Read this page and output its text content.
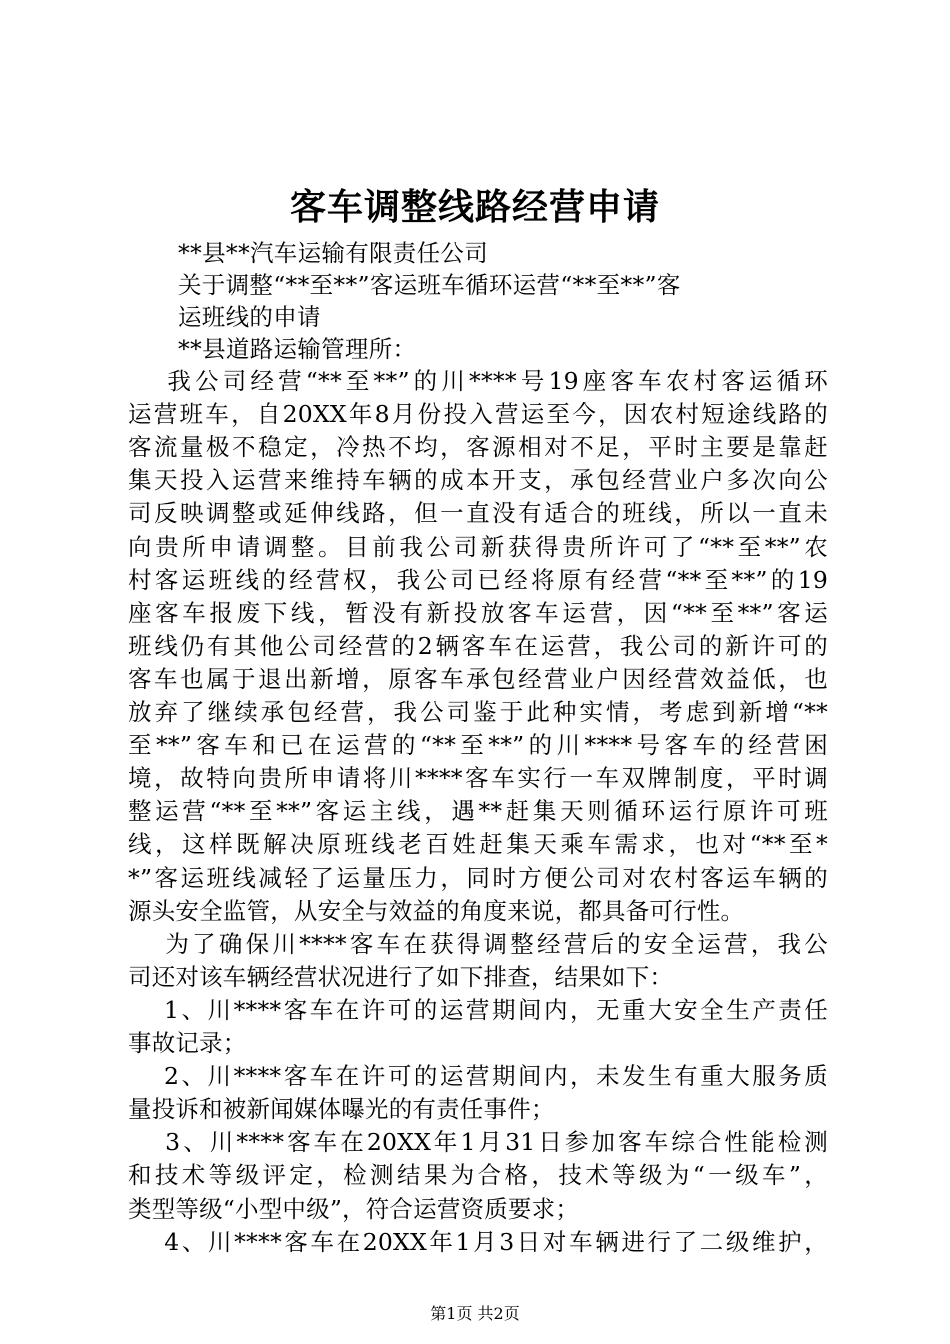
客车调整线路经营申请
**县**汽车运输有限责任公司
关于调整“**至**”客运班车循环运营“**至**”客
运班线的申请
**县道路运输管理所：
　 我公司经营“**至**”的川****号19座客车农村客运循环
运营班车，自20XX年8月份投入营运至今，因农村短途线路的
客流量极不稳定，冷热不均，客源相对不足，平时主要是靠赶
集天投入运营来维持车辆的成本开支，承包经营业户多次向公
司反映调整或延伸线路，但一直没有适合的班线，所以一直未
向贵所申请调整。目前我公司新获得贵所许可了“**至**”农
村客运班线的经营权，我公司已经将原有经营“**至**”的19
座客车报废下线，暂没有新投放客车运营，因“**至**”客运
班线仍有其他公司经营的2辆客车在运营，我公司的新许可的
客车也属于退出新增，原客车承包经营业户因经营效益低，也
放弃了继续承包经营，我公司鉴于此种实情，考虑到新增“**
至**”客车和已在运营的“**至**”的川****号客车的经营困
境，故特向贵所申请将川****客车实行一车双牌制度，平时调
整运营“**至**”客运主线，遇**赶集天则循环运行原许可班
线，这样既解决原班线老百姓赶集天乘车需求，也对“**至*
*”客运班线减轻了运量压力，同时方便公司对农村客运车辆的
源头安全监管，从安全与效益的角度来说，都具备可行性。
　 为了确保川****客车在获得调整经营后的安全运营，我公
司还对该车辆经营状况进行了如下排查，结果如下：
　 1、川****客车在许可的运营期间内，无重大安全生产责任
事故记录；
　 2、川****客车在许可的运营期间内，未发生有重大服务质
量投诉和被新闻媒体曝光的有责任事件；
　 3、川****客车在20XX年1月31日参加客车综合性能检测
和技术等级评定，检测结果为合格，技术等级为“一级车”，
类型等级“小型中级”，符合运营资质要求；
　 4、川****客车在20XX年1月3日对车辆进行了二级维护，
第1页 共2页
